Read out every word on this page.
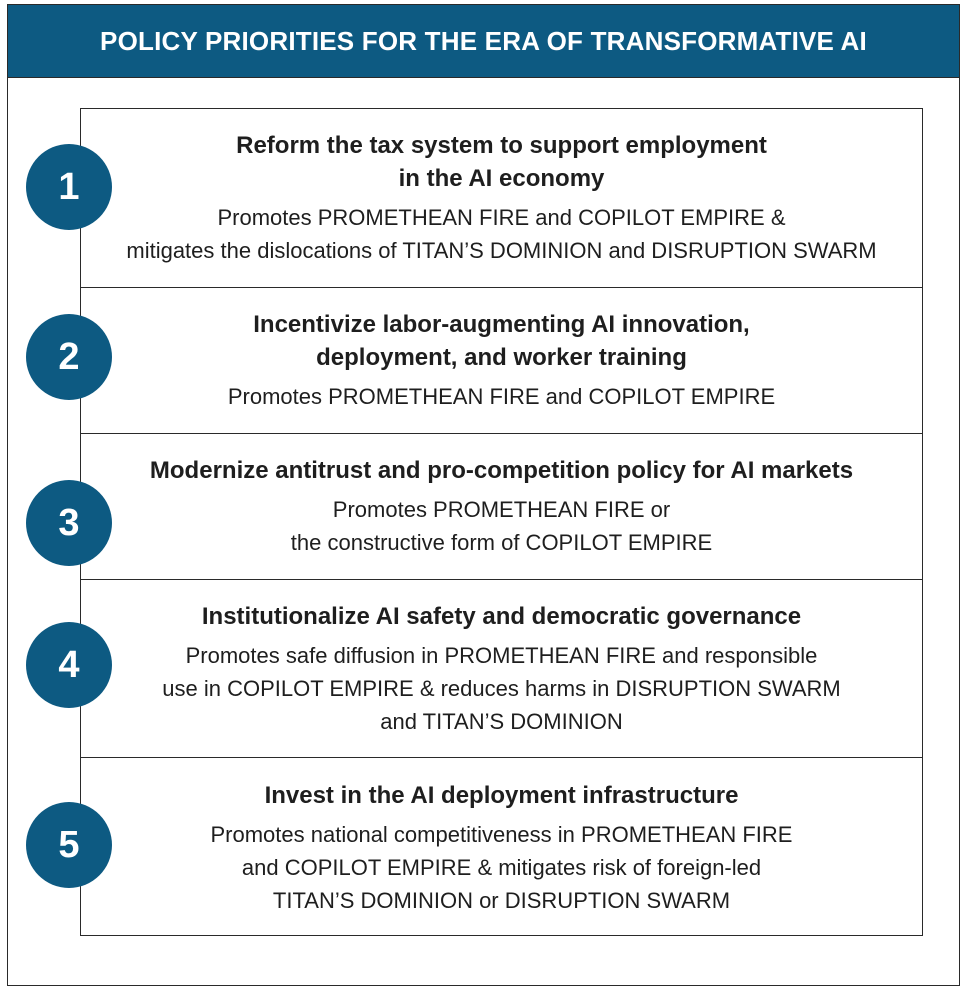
POLICY PRIORITIES FOR THE ERA OF TRANSFORMATIVE AI
Reform the tax system to support employment
in the AI economy
Promotes PROMETHEAN FIRE and COPILOT EMPIRE &
mitigates the dislocations of TITAN’S DOMINION and DISRUPTION SWARM
Incentivize labor-augmenting AI innovation,
deployment, and worker training
Promotes PROMETHEAN FIRE and COPILOT EMPIRE
Modernize antitrust and pro-competition policy for AI markets
Promotes PROMETHEAN FIRE or
the constructive form of COPILOT EMPIRE
Institutionalize AI safety and democratic governance
Promotes safe diffusion in PROMETHEAN FIRE and responsible
use in COPILOT EMPIRE & reduces harms in DISRUPTION SWARM
and TITAN’S DOMINION
Invest in the AI deployment infrastructure
Promotes national competitiveness in PROMETHEAN FIRE
and COPILOT EMPIRE & mitigates risk of foreign-led
TITAN’S DOMINION or DISRUPTION SWARM
1
2
3
4
5
